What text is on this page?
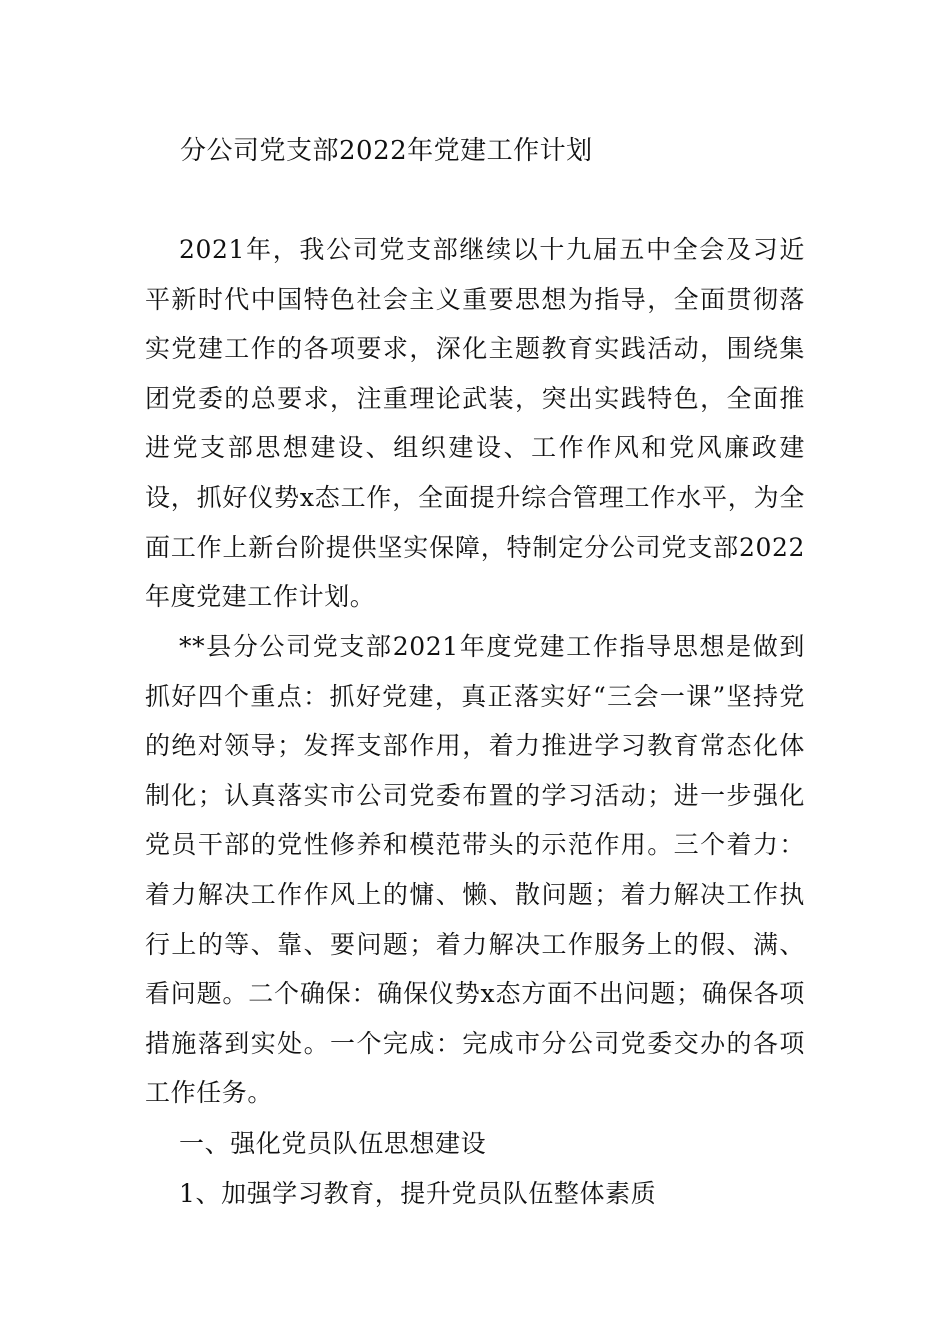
分公司党支部2022年党建工作计划

2021年，我公司党支部继续以十九届五中全会及习近平新时代中国特色社会主义重要思想为指导，全面贯彻落实党建工作的各项要求，深化主题教育实践活动，围绕集团党委的总要求，注重理论武装，突出实践特色，全面推进党支部思想建设、组织建设、工作作风和党风廉政建设，抓好仪势x态工作，全面提升综合管理工作水平，为全面工作上新台阶提供坚实保障，特制定分公司党支部2022年度党建工作计划。

**县分公司党支部2021年度党建工作指导思想是做到抓好四个重点：抓好党建，真正落实好“三会一课”坚持党的绝对领导；发挥支部作用，着力推进学习教育常态化体制化；认真落实市公司党委布置的学习活动；进一步强化党员干部的党性修养和模范带头的示范作用。三个着力：着力解决工作作风上的慵、懒、散问题；着力解决工作执行上的等、靠、要问题；着力解决工作服务上的假、满、看问题。二个确保：确保仪势x态方面不出问题；确保各项措施落到实处。一个完成：完成市分公司党委交办的各项工作任务。

一、强化党员队伍思想建设
1、加强学习教育，提升党员队伍整体素质
